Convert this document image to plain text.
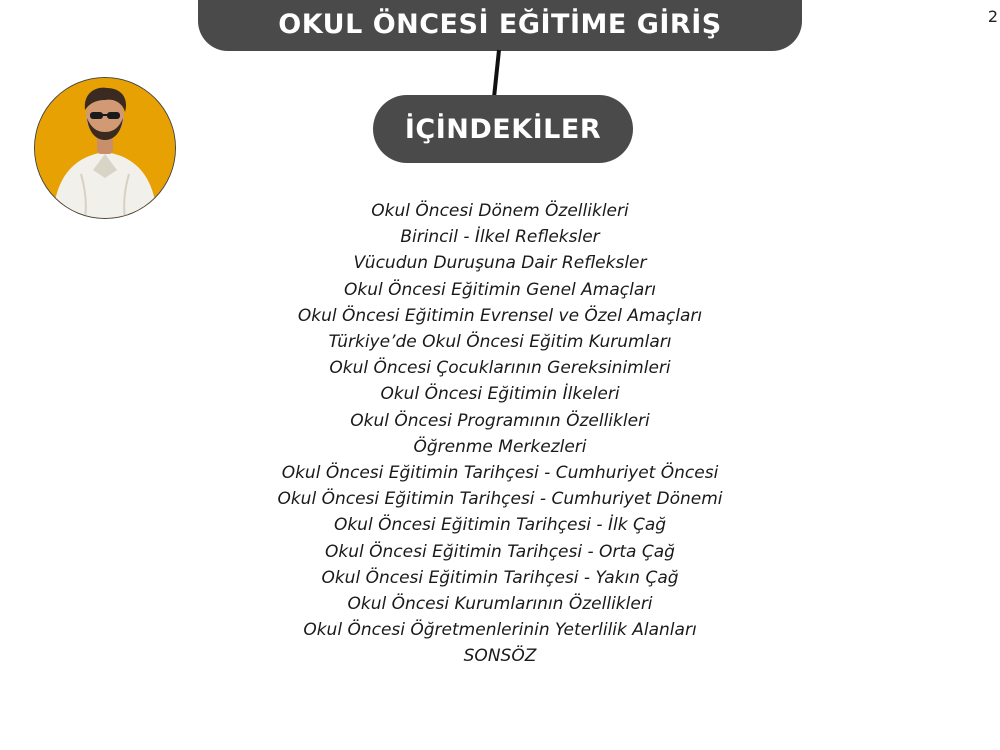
OKUL ÖNCESİ EĞİTİME GİRİŞ	2
İÇİNDEKİLER
Okul Öncesi Dönem Özellikleri
Birincil - İlkel Refleksler
Vücudun Duruşuna Dair Refleksler
Okul Öncesi Eğitimin Genel Amaçları
Okul Öncesi Eğitimin Evrensel ve Özel Amaçları
Türkiye’de Okul Öncesi Eğitim Kurumları
Okul Öncesi Çocuklarının Gereksinimleri
Okul Öncesi Eğitimin İlkeleri
Okul Öncesi Programının Özellikleri
Öğrenme Merkezleri
Okul Öncesi Eğitimin Tarihçesi - Cumhuriyet Öncesi
Okul Öncesi Eğitimin Tarihçesi - Cumhuriyet Dönemi
Okul Öncesi Eğitimin Tarihçesi - İlk Çağ
Okul Öncesi Eğitimin Tarihçesi - Orta Çağ
Okul Öncesi Eğitimin Tarihçesi - Yakın Çağ
Okul Öncesi Kurumlarının Özellikleri
Okul Öncesi Öğretmenlerinin Yeterlilik Alanları
SONSÖZ
